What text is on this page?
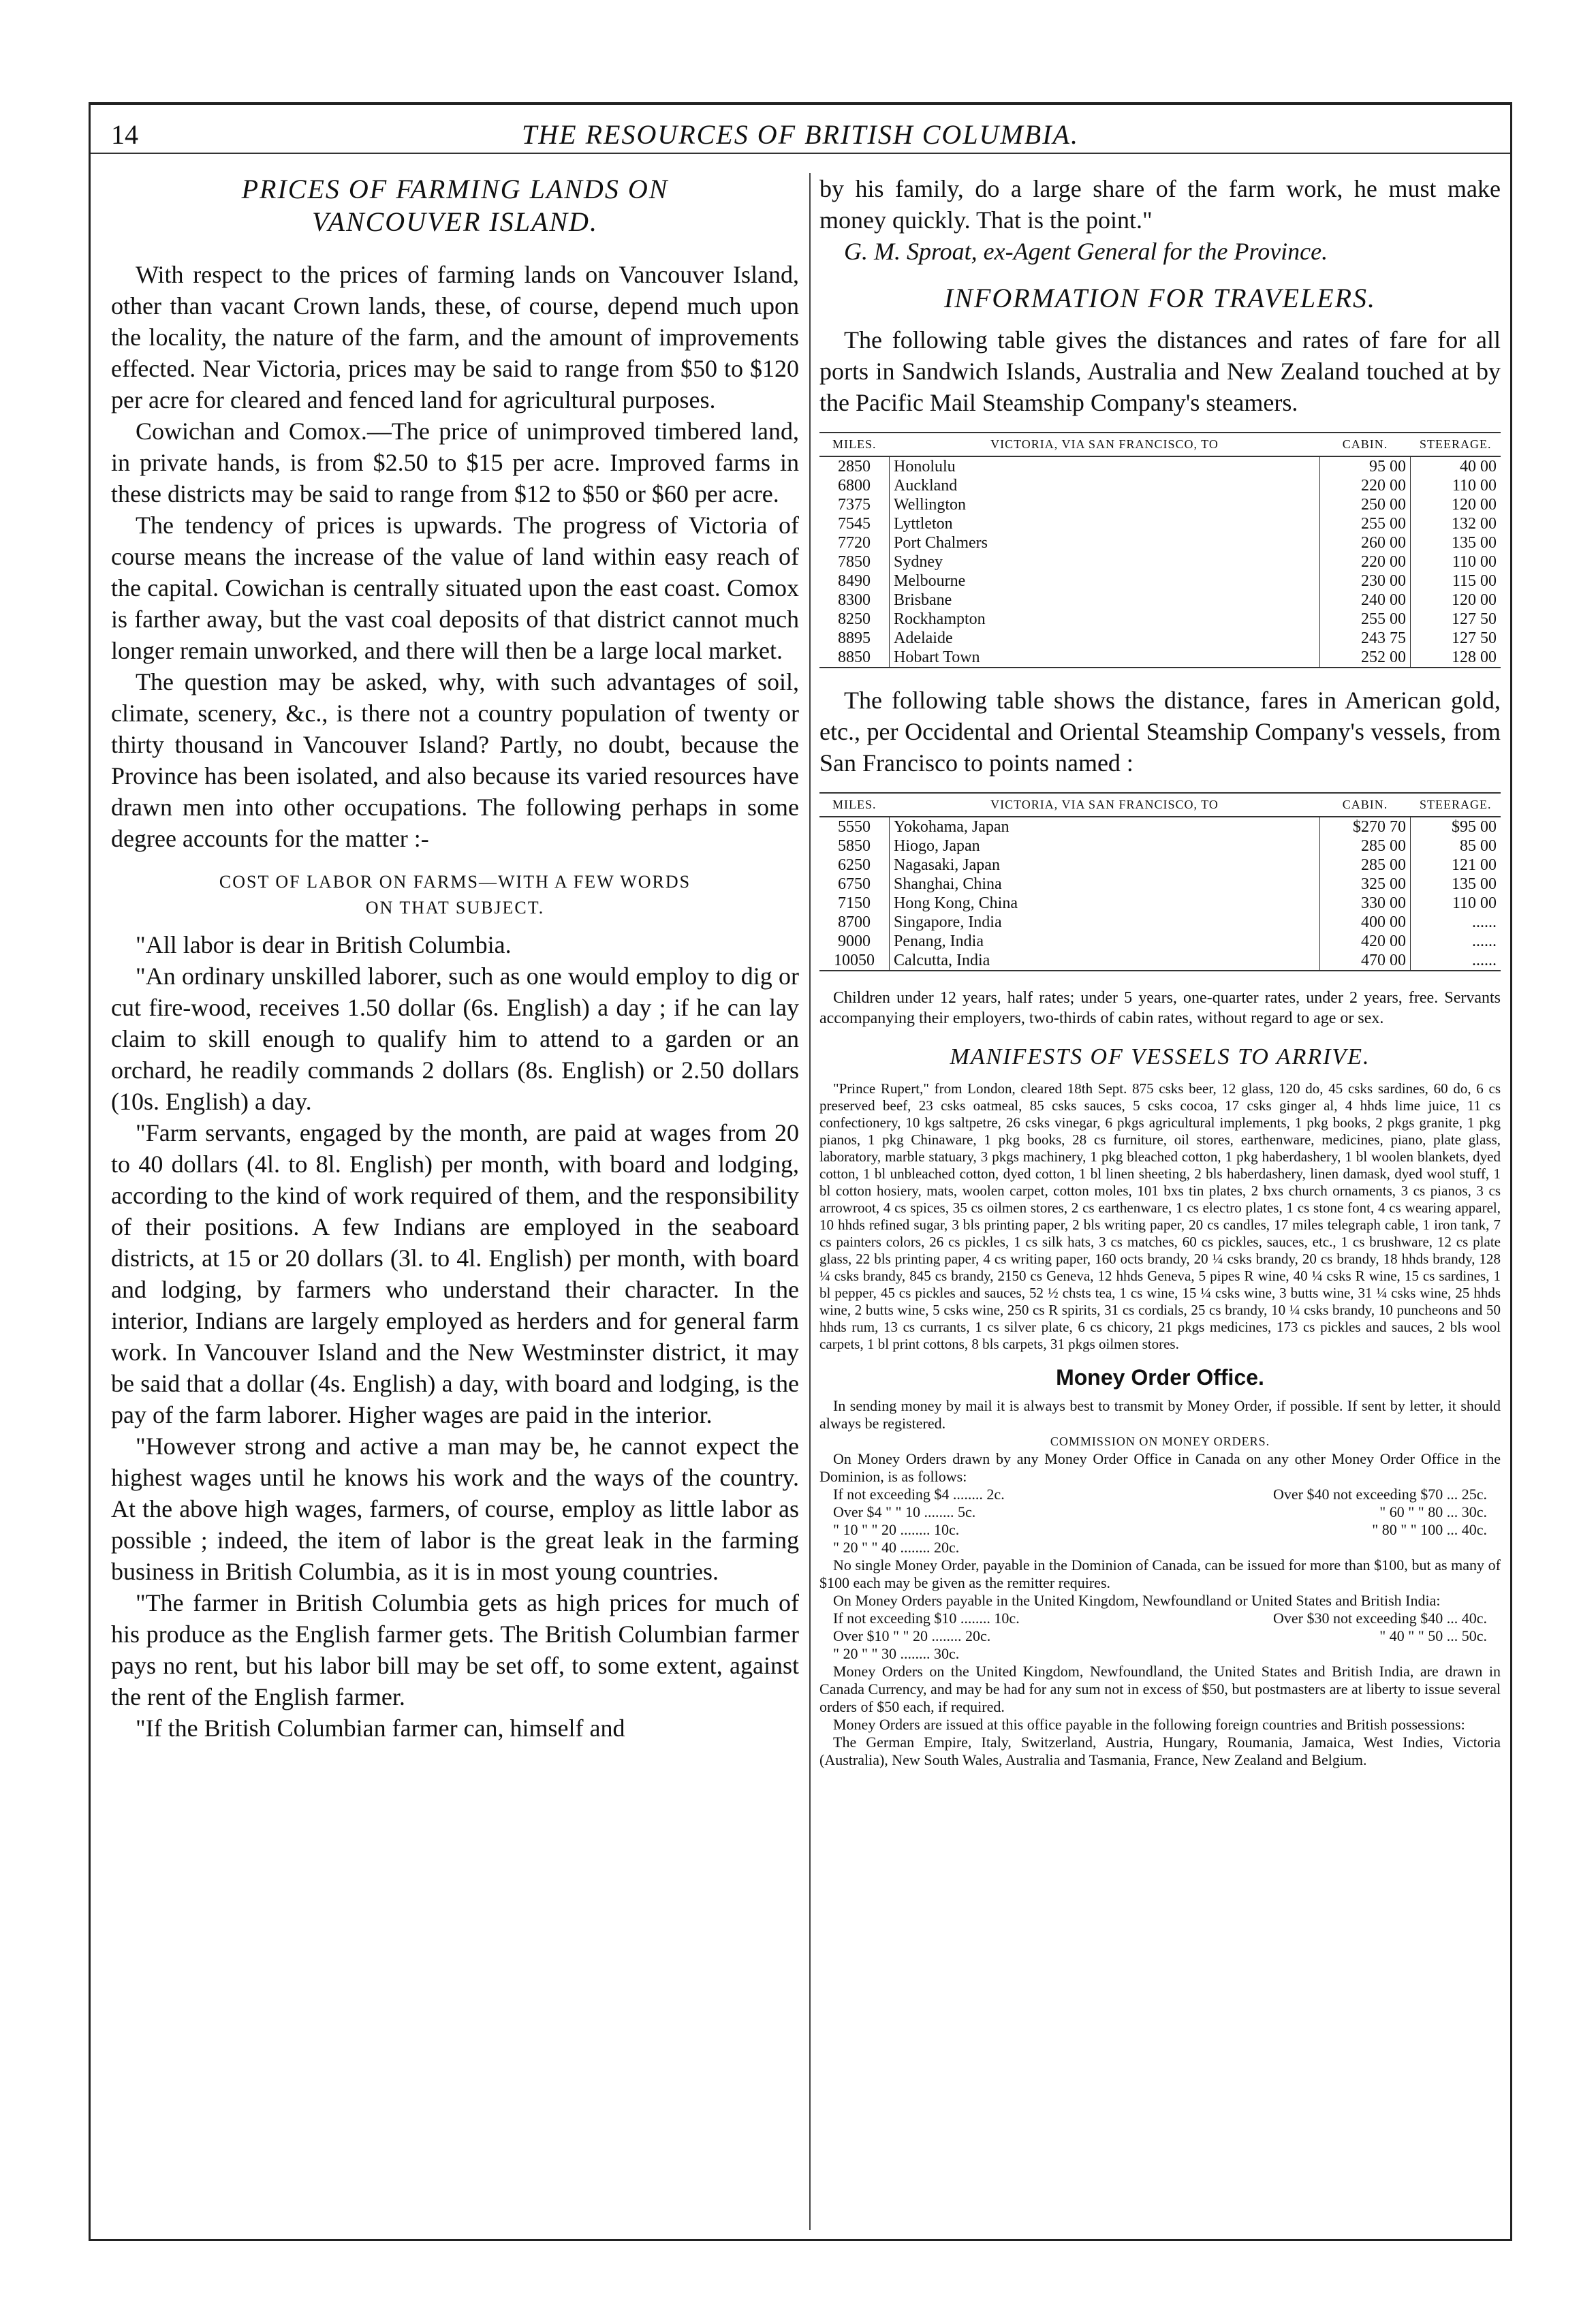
14	THE RESOURCES OF BRITISH COLUMBIA.
PRICES OF FARMING LANDS ON
VANCOUVER ISLAND.

With respect to the prices of farming lands on Vancouver Island, other than vacant Crown lands, these, of course, depend much upon the locality, the nature of the farm, and the amount of improvements effected. Near Victoria, prices may be said to range from $50 to $120 per acre for cleared and fenced land for agricultural purposes.

Cowichan and Comox.—The price of unimproved timbered land, in private hands, is from $2.50 to $15 per acre. Improved farms in these districts may be said to range from $12 to $50 or $60 per acre.

The tendency of prices is upwards. The progress of Victoria of course means the increase of the value of land within easy reach of the capital. Cowichan is centrally situated upon the east coast. Comox is farther away, but the vast coal deposits of that district cannot much longer remain unworked, and there will then be a large local market.

The question may be asked, why, with such advantages of soil, climate, scenery, &c., is there not a country population of twenty or thirty thousand in Vancouver Island? Partly, no doubt, because the Province has been isolated, and also because its varied resources have drawn men into other occupations. The following perhaps in some degree accounts for the matter :-

COST OF LABOR ON FARMS—WITH A FEW WORDS
ON THAT SUBJECT.

"All labor is dear in British Columbia.

"An ordinary unskilled laborer, such as one would employ to dig or cut fire-wood, receives 1.50 dollar (6s. English) a day ; if he can lay claim to skill enough to qualify him to attend to a garden or an orchard, he readily commands 2 dollars (8s. English) or 2.50 dollars (10s. English) a day.

"Farm servants, engaged by the month, are paid at wages from 20 to 40 dollars (4l. to 8l. English) per month, with board and lodging, according to the kind of work required of them, and the responsibility of their positions. A few Indians are employed in the seaboard districts, at 15 or 20 dollars (3l. to 4l. English) per month, with board and lodging, by farmers who understand their character. In the interior, Indians are largely employed as herders and for general farm work. In Vancouver Island and the New Westminster district, it may be said that a dollar (4s. English) a day, with board and lodging, is the pay of the farm laborer. Higher wages are paid in the interior.

"However strong and active a man may be, he cannot expect the highest wages until he knows his work and the ways of the country. At the above high wages, farmers, of course, employ as little labor as possible ; indeed, the item of labor is the great leak in the farming business in British Columbia, as it is in most young countries.

"The farmer in British Columbia gets as high prices for much of his produce as the English farmer gets. The British Columbian farmer pays no rent, but his labor bill may be set off, to some extent, against the rent of the English farmer.

"If the British Columbian farmer can, himself and

by his family, do a large share of the farm work, he must make money quickly. That is the point."

G. M. Sproat, ex-Agent General for the Province.

INFORMATION FOR TRAVELERS.

The following table gives the distances and rates of fare for all ports in Sandwich Islands, Australia and New Zealand touched at by the Pacific Mail Steamship Company's steamers.

MILES.	VICTORIA, VIA SAN FRANCISCO, TO	CABIN.	STEERAGE.
2850	Honolulu	95 00	40 00
6800	Auckland	220 00	110 00
7375	Wellington	250 00	120 00
7545	Lyttleton	255 00	132 00
7720	Port Chalmers	260 00	135 00
7850	Sydney	220 00	110 00
8490	Melbourne	230 00	115 00
8300	Brisbane	240 00	120 00
8250	Rockhampton	255 00	127 50
8895	Adelaide	243 75	127 50
8850	Hobart Town	252 00	128 00

The following table shows the distance, fares in American gold, etc., per Occidental and Oriental Steamship Company's vessels, from San Francisco to points named :

MILES.	VICTORIA, VIA SAN FRANCISCO, TO	CABIN.	STEERAGE.
5550	Yokohama, Japan	$270 70	$95 00
5850	Hiogo, Japan	285 00	85 00
6250	Nagasaki, Japan	285 00	121 00
6750	Shanghai, China	325 00	135 00
7150	Hong Kong, China	330 00	110 00
8700	Singapore, India	400 00	......
9000	Penang, India	420 00	......
10050	Calcutta, India	470 00	......

Children under 12 years, half rates; under 5 years, one-quarter rates, under 2 years, free. Servants accompanying their employers, two-thirds of cabin rates, without regard to age or sex.

MANIFESTS OF VESSELS TO ARRIVE.

"Prince Rupert," from London, cleared 18th Sept. 875 csks beer, 12 glass, 120 do, 45 csks sardines, 60 do, 6 cs preserved beef, 23 csks oatmeal, 85 csks sauces, 5 csks cocoa, 17 csks ginger al, 4 hhds lime juice, 11 cs confectionery, 10 kgs saltpetre, 26 csks vinegar, 6 pkgs agricultural implements, 1 pkg books, 2 pkgs granite, 1 pkg pianos, 1 pkg Chinaware, 1 pkg books, 28 cs furniture, oil stores, earthenware, medicines, piano, plate glass, laboratory, marble statuary, 3 pkgs machinery, 1 pkg bleached cotton, 1 pkg haberdashery, 1 bl woolen blankets, dyed cotton, 1 bl unbleached cotton, dyed cotton, 1 bl linen sheeting, 2 bls haberdashery, linen damask, dyed wool stuff, 1 bl cotton hosiery, mats, woolen carpet, cotton moles, 101 bxs tin plates, 2 bxs church ornaments, 3 cs pianos, 3 cs arrowroot, 4 cs spices, 35 cs oilmen stores, 2 cs earthenware, 1 cs electro plates, 1 cs stone font, 4 cs wearing apparel, 10 hhds refined sugar, 3 bls printing paper, 2 bls writing paper, 20 cs candles, 17 miles telegraph cable, 1 iron tank, 7 cs painters colors, 26 cs pickles, 1 cs silk hats, 3 cs matches, 60 cs pickles, sauces, etc., 1 cs brushware, 12 cs plate glass, 22 bls printing paper, 4 cs writing paper, 160 octs brandy, 20 ¼ csks brandy, 20 cs brandy, 18 hhds brandy, 128 ¼ csks brandy, 845 cs brandy, 2150 cs Geneva, 12 hhds Geneva, 5 pipes R wine, 40 ¼ csks R wine, 15 cs sardines, 1 bl pepper, 45 cs pickles and sauces, 52 ½ chsts tea, 1 cs wine, 15 ¼ csks wine, 3 butts wine, 31 ¼ csks wine, 25 hhds wine, 2 butts wine, 5 csks wine, 250 cs R spirits, 31 cs cordials, 25 cs brandy, 10 ¼ csks brandy, 10 puncheons and 50 hhds rum, 13 cs currants, 1 cs silver plate, 6 cs chicory, 21 pkgs medicines, 173 cs pickles and sauces, 2 bls wool carpets, 1 bl print cottons, 8 bls carpets, 31 pkgs oilmen stores.

Money Order Office.

In sending money by mail it is always best to transmit by Money Order, if possible. If sent by letter, it should always be registered.

COMMISSION ON MONEY ORDERS.

On Money Orders drawn by any Money Order Office in Canada on any other Money Order Office in the Dominion, is as follows:

If not exceeding $4 ........ 2c.	Over $40 not exceeding $70 ... 25c.
Over $4 " " 10 ........ 5c.	" 60 " " 80 ... 30c.
" 10 " " 20 ........ 10c.	" 80 " " 100 ... 40c.
" 20 " " 40 ........ 20c.

No single Money Order, payable in the Dominion of Canada, can be issued for more than $100, but as many of $100 each may be given as the remitter requires.

On Money Orders payable in the United Kingdom, Newfoundland or United States and British India:

If not exceeding $10 ........ 10c.	Over $30 not exceeding $40 ... 40c.
Over $10 " " 20 ........ 20c.	" 40 " " 50 ... 50c.
" 20 " " 30 ........ 30c.

Money Orders on the United Kingdom, Newfoundland, the United States and British India, are drawn in Canada Currency, and may be had for any sum not in excess of $50, but postmasters are at liberty to issue several orders of $50 each, if required.

Money Orders are issued at this office payable in the following foreign countries and British possessions:

The German Empire, Italy, Switzerland, Austria, Hungary, Roumania, Jamaica, West Indies, Victoria (Australia), New South Wales, Australia and Tasmania, France, New Zealand and Belgium.
